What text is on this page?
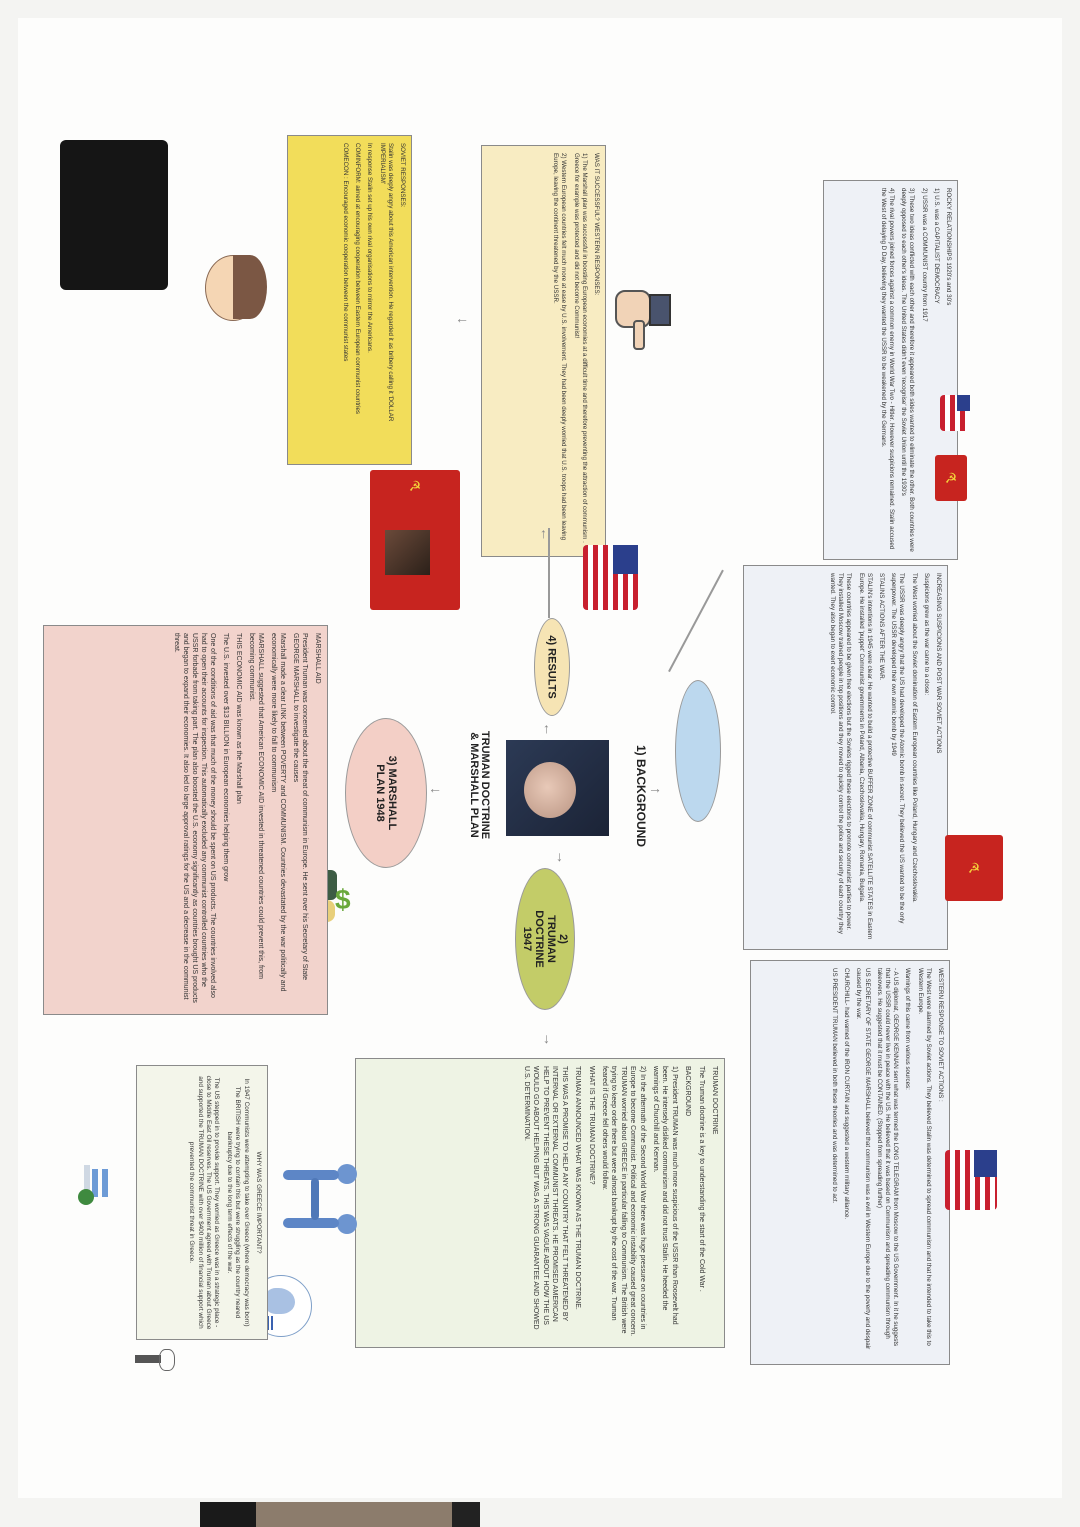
ROCKY RELATIONSHIPS 1920's and 30's

1) U.S. was a CAPITALIST DEMOCRACY

2) USSR was a COMMUNIST country from 1917

3) These two ideas conflicted with each other and therefore it appeared both sides wanted to eliminate the other. Both countries were deeply opposed to each other's ideas. The United States didn't even 'recognise' the Soviet Union until the 1930's

4) The rival powers joined forces against a common enemy in World War Two - Hitler. However suspicions remained. Stalin accused the West of delaying D Day, believing they wanted the USSR to be weakened by the Germans.

☭

INCREASING SUSPICIONS AND POST WAR SOVIET ACTIONS

Suspicions grew as the war came to a close:

The West worried about the Soviet domination of Eastern European countries like Poland, Hungary and Czechoslovakia.

The USSR was deeply angry that the US had developed the Atomic bomb in secret. They believed the US wanted to be the only superpower. The USSR developed their own atomic bomb by 1949

STALINS ACTIONS AFTER THE WAR.

STALIN's intentions in 1945 were clear. He wanted to build a protective BUFFER ZONE of communist SATELLITE STATES in Eastern Europe. He installed 'puppet' Communist governments in Poland, Albania, Czechoslovakia, Hungary, Romania, Bulgaria.

These countries appeared to be given free elections but the Soviets rigged these elections to promote communist parties to power. They installed Moscow trained people in top positions and they moved to quickly control the police and security of each country they wanted. They also began to exert economic control.

☭

WESTERN RESPONSE TO SOVIET ACTIONS :

The West were alarmed by Soviet actions. They believed Stalin was determined to spread communism and that he intended to take this to Western Europe.

Warnings of this came from various sources:

- A US diplomat, GEORGE KENNAN sent what was termed the LONG TELEGRAM from Moscow to the US Government. In it he suggests that the USSR could never live in peace with the US. He believed that it was based on Communism and spreading communism through takeovers. He suggested that it must be CONTAINED. (Stopped from spreading further)

US SECRETARY OF STATE GEORGE MARSHALL believed that communism was a evil in Western Europe due to the poverty and despair caused by the war.

CHURCHILL- had warned of the IRON CURTAIN and suggested a western military alliance.

US PRESIDENT TRUMAN believed in both these theories and was determined to act.

WAS IT SUCCESSFUL? WESTERN RESPONSES:

1) The Marshall plan was successful in boosting European economies at a difficult time and therefore preventing the attraction of communism . Greece for example was protected and did not become Communist!

2) Western European countries felt much more at ease by U.S. involvement. They had been deeply worried that U.S. troops had been leaving Europe, leaving the continent threatened by the USSR.

SOVIET RESPONSES:

Stalin was deeply angry about this American intervention. He regarded it as bribery calling it 'DOLLAR IMPERIALISM'

In response Stalin set up his own rival organisations to mirror the Americans.

COMINFORM: aimed at encouraging cooperation between Eastern European communist countries

COMECON : Encouraged economic cooperation between the communist states

☭
TRUMAN DOCTRINE & MARSHALL PLAN	1) BACKGROUND
2) TRUMAN DOCTRINE 1947
3) MARSHALL PLAN 1948
4) RESULTS
→
↓
←
↑
↓
←
↑
$

MARSHALL AID

President Truman was concerned about the threat of communism in Europe. He sent over his Secretary of State GEORGE MARSHALL to investigate the causes

Marshall made a clear LINK between POVERTY and COMMUNISM. Countries devastated by the war politically and economically were more likely to fall to communism

MARSHALL suggested that American ECONOMIC AID invested in threatened countries could prevent this, from becoming communist.

THIS ECONOMIC AID was known as the Marshall plan

The U.S. invested over $13 BILLION in European economies helping them grow

One of the conditions of aid was that much of the money should be spent on US products. The countries involved also had to open their accounts for inspection. This automatically excluded any communist controlled countries who the USSR forbade from taking part. The plan also boosted the U.S. economy significantly as countries brought US products and began to expand their economies. It also led to large approval ratings for the US and a decrease in the communist threat.

TRUMAN DOCTRINE

The Truman doctrine is a key to understanding the start of the Cold War .

BACKGROUND

1) President TRUMAN was much more suspicious of the USSR than Roosevelt had been. He intensely disliked communism and did not trust Stalin. He heeded the warnings of Churchill and Kennan.

2) In the aftermath of the Second World War there was huge pressure on countries in Europe to become Communist. Political and economic instability caused great concern. TRUMAN worried about GREECE in particular falling to Communism. The British were trying to keep order there but were almost bankrupt by the cost of the war. Truman feared if Greece fell others would follow.

WHAT IS THE TRUMAN DOCTRINE?

TRUMAN ANNOUNCED WHAT WAS KNOWN AS THE TRUMAN DOCTRINE.

THIS WAS A PROMISE TO HELP ANY COUNTRY THAT FELT THREATENED BY INTERNAL OR EXTERNAL COMMUNIST THREATS. HE PROMISED AMERICAN HELP TO PREVENT THESE THREATS. THIS WAS VAGUE ABOUT HOW THE US WOULD GO ABOUT HELPING BUT WAS A STRONG GUARANTEE AND SHOWED U.S. DETERMINATION.

WHY WAS GREECE IMPORTANT?

In 1947 Communists were attempting to take over Greece (where democracy was born) The BRITISH were trying to contain this but were struggling as the country neared bankruptcy due to the long term effects of the war.

The US stepped in to provide support. They worried as Greece was in a strategic place - close to Middle East Oil reserves. The US Government agreed with Truman about Greece and supported the TRUMAN DOCTRINE with over $400 million of financial support which prevented the communist threat in Greece.
